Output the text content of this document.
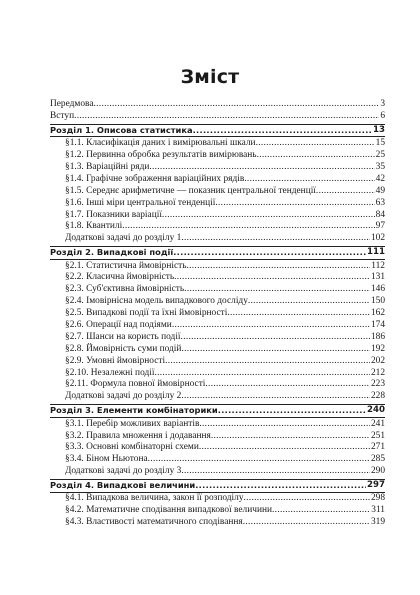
Зміст
Передмова .....	3
Вступ .....	6
Розділ 1. Описова статистика .....	13
§1.1. Класифікація даних і вимірювальні шкали .....	15
§1.2. Первинна обробка результатів вимірювань .....	25
§1.3. Варіаційні ряди .....	35
§1.4. Графічне зображення варіаційних рядів .....	42
§1.5. Середнє арифметичне — показник центральної тенденції .....	49
§1.6. Інші міри центральної тенденції .....	63
§1.7. Показники варіації .....	84
§1.8. Квантилі .....	97
Додаткові задачі до розділу 1 .....	102
Розділ 2. Випадкові події .....	111
§2.1. Статистична ймовірність .....	112
§2.2. Класична ймовірність .....	131
§2.3. Суб'єктивна ймовірність .....	146
§2.4. Імовірнісна модель випадкового досліду .....	150
§2.5. Випадкові події та їхні ймовірності .....	162
§2.6. Операції над подіями .....	174
§2.7. Шанси на користь події .....	186
§2.8. Ймовірність суми подій .....	192
§2.9. Умовні ймовірності .....	202
§2.10. Незалежні події .....	212
§2.11. Формула повної ймовірності .....	223
Додаткові задачі до розділу 2 .....	228
Розділ 3. Елементи комбінаторики .....	240
§3.1. Перебір можливих варіантів .....	241
§3.2. Правила множення і додавання .....	251
§3.3. Основні комбінаторні схеми .....	271
§3.4. Біном Ньютона .....	285
Додаткові задачі до розділу 3 .....	290
Розділ 4. Випадкові величини .....	297
§4.1. Випадкова величина, закон її розподілу .....	298
§4.2. Математичне сподівання випадкової величини .....	311
§4.3. Властивості математичного сподівання .....	319
